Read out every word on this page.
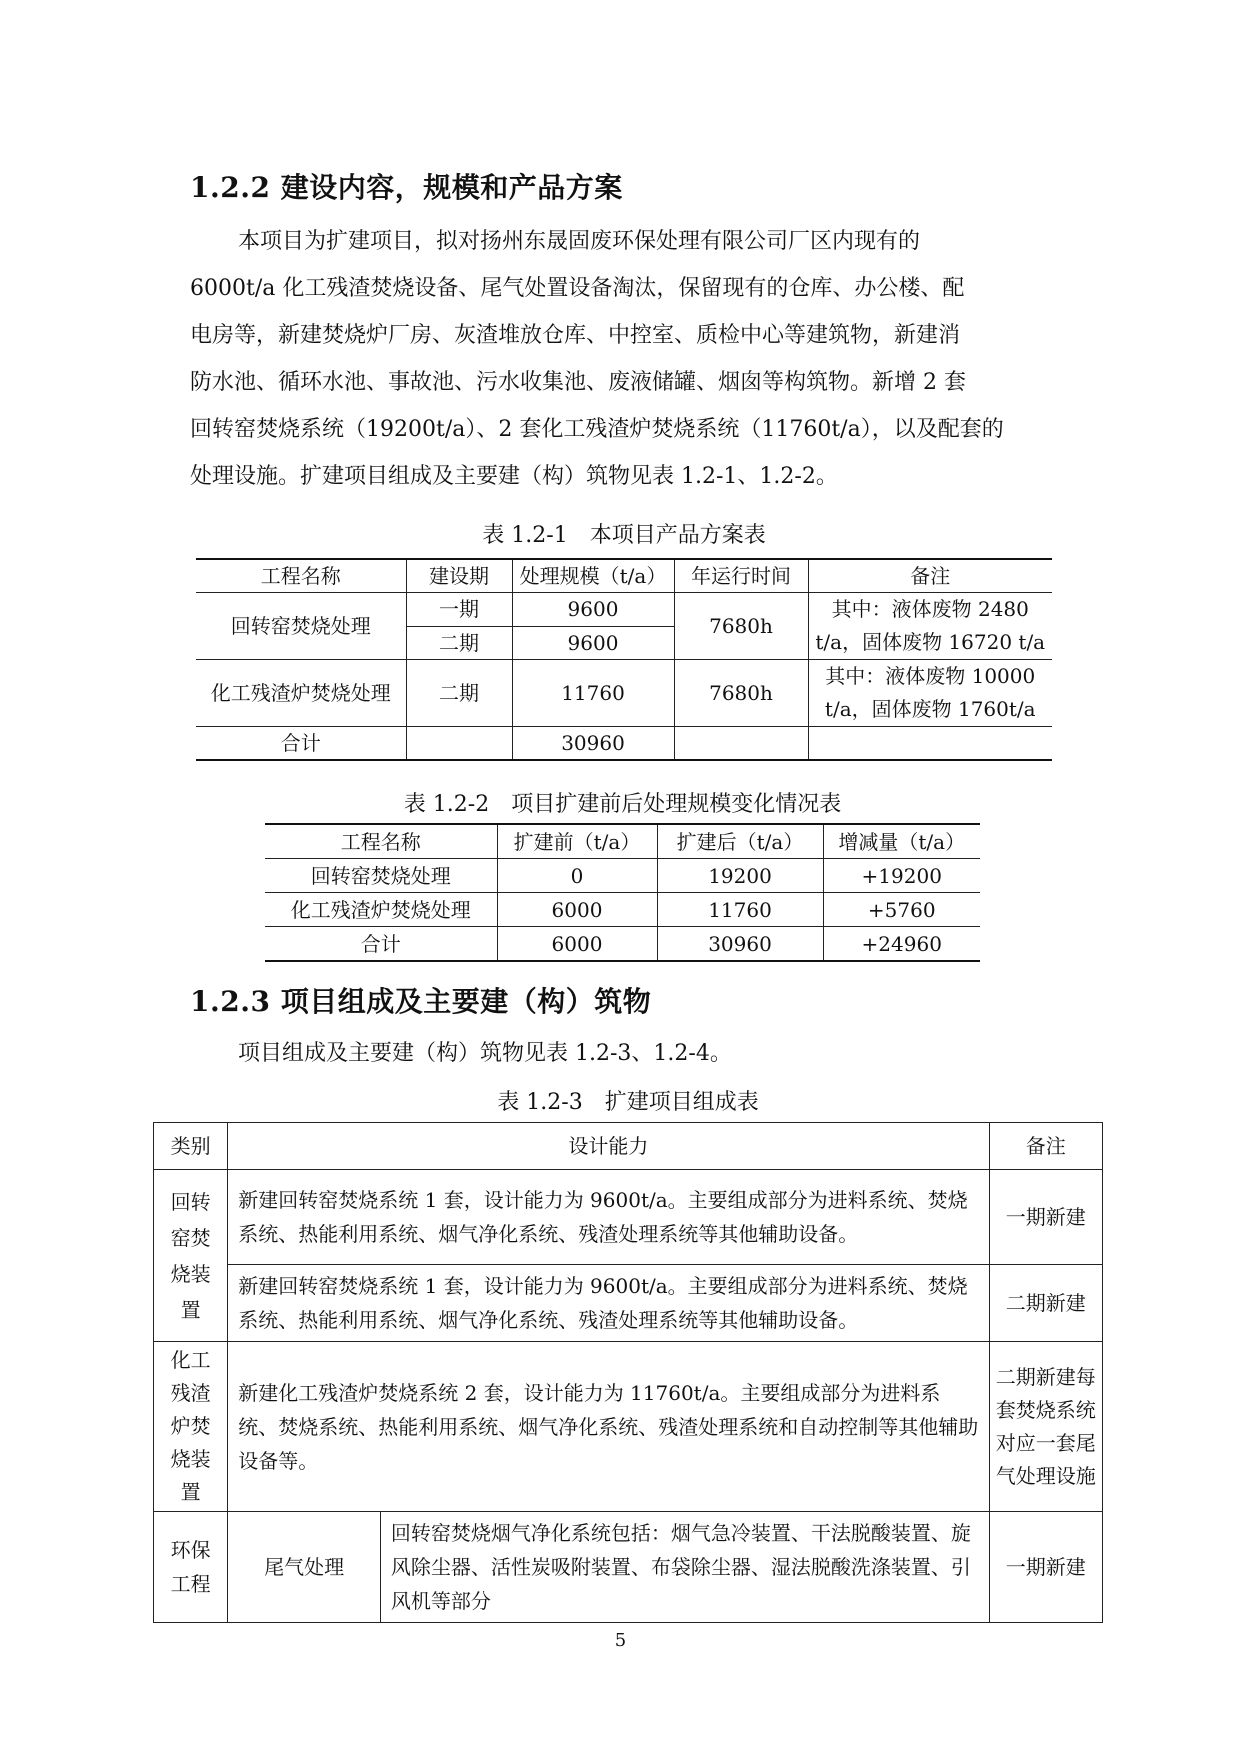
1.2.2 建设内容，规模和产品方案

本项目为扩建项目，拟对扬州东晟固废环保处理有限公司厂区内现有的

6000t/a 化工残渣焚烧设备、尾气处置设备淘汰，保留现有的仓库、办公楼、配

电房等，新建焚烧炉厂房、灰渣堆放仓库、中控室、质检中心等建筑物，新建消

防水池、循环水池、事故池、污水收集池、废液储罐、烟囱等构筑物。新增 2 套

回转窑焚烧系统（19200t/a）、2 套化工残渣炉焚烧系统（11760t/a），以及配套的

处理设施。扩建项目组成及主要建（构）筑物见表 1.2-1、1.2-2。

表 1.2-1　本项目产品方案表
工程名称	建设期	处理规模（t/a）	年运行时间	备注
回转窑焚烧处理	一期	9600	7680h	其中：液体废物 2480 t/a，固体废物 16720 t/a
	二期	9600		
化工残渣炉焚烧处理	二期	11760	7680h	其中：液体废物 10000 t/a，固体废物 1760t/a
合计		30960		
表 1.2-2　项目扩建前后处理规模变化情况表
工程名称	扩建前（t/a）	扩建后（t/a）	增减量（t/a）
回转窑焚烧处理	0	19200	+19200
化工残渣炉焚烧处理	6000	11760	+5760
合计	6000	30960	+24960
1.2.3 项目组成及主要建（构）筑物

项目组成及主要建（构）筑物见表 1.2-3、1.2-4。

表 1.2-3　扩建项目组成表
类别	设计能力		备注
回转窑焚烧装置	新建回转窑焚烧系统 1 套，设计能力为 9600t/a。主要组成部分为进料系统、焚烧系统、热能利用系统、烟气净化系统、残渣处理系统等其他辅助设备。		一期新建
	新建回转窑焚烧系统 1 套，设计能力为 9600t/a。主要组成部分为进料系统、焚烧系统、热能利用系统、烟气净化系统、残渣处理系统等其他辅助设备。		二期新建
化工残渣炉焚烧装置	新建化工残渣炉焚烧系统 2 套，设计能力为 11760t/a。主要组成部分为进料系统、焚烧系统、热能利用系统、烟气净化系统、残渣处理系统和自动控制等其他辅助设备等。		二期新建每套焚烧系统对应一套尾气处理设施
环保工程	尾气处理	回转窑焚烧烟气净化系统包括：烟气急冷装置、干法脱酸装置、旋风除尘器、活性炭吸附装置、布袋除尘器、湿法脱酸洗涤装置、引风机等部分	一期新建
5
